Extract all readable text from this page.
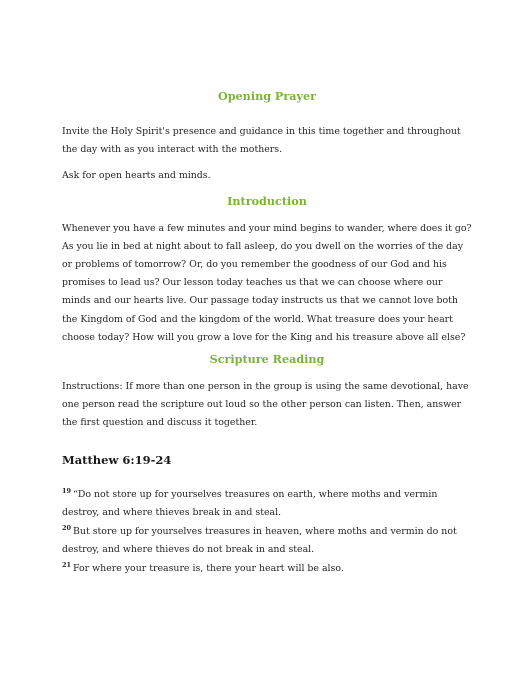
Opening Prayer

Invite the Holy Spirit's presence and guidance in this time together and throughout the day with as you interact with the mothers.

Ask for open hearts and minds.

Introduction

Whenever you have a few minutes and your mind begins to wander, where does it go? As you lie in bed at night about to fall asleep, do you dwell on the worries of the day or problems of tomorrow? Or, do you remember the goodness of our God and his promises to lead us? Our lesson today teaches us that we can choose where our minds and our hearts live. Our passage today instructs us that we cannot love both the Kingdom of God and the kingdom of the world. What treasure does your heart choose today? How will you grow a love for the King and his treasure above all else?

Scripture Reading

Instructions: If more than one person in the group is using the same devotional, have one person read the scripture out loud so the other person can listen. Then, answer the first question and discuss it together.

Matthew 6:19-24

$^{19}$ “Do not store up for yourselves treasures on earth, where moths and vermin destroy, and where thieves break in and steal.

$^{20}$ But store up for yourselves treasures in heaven, where moths and vermin do not destroy, and where thieves do not break in and steal.

$^{21}$ For where your treasure is, there your heart will be also.
